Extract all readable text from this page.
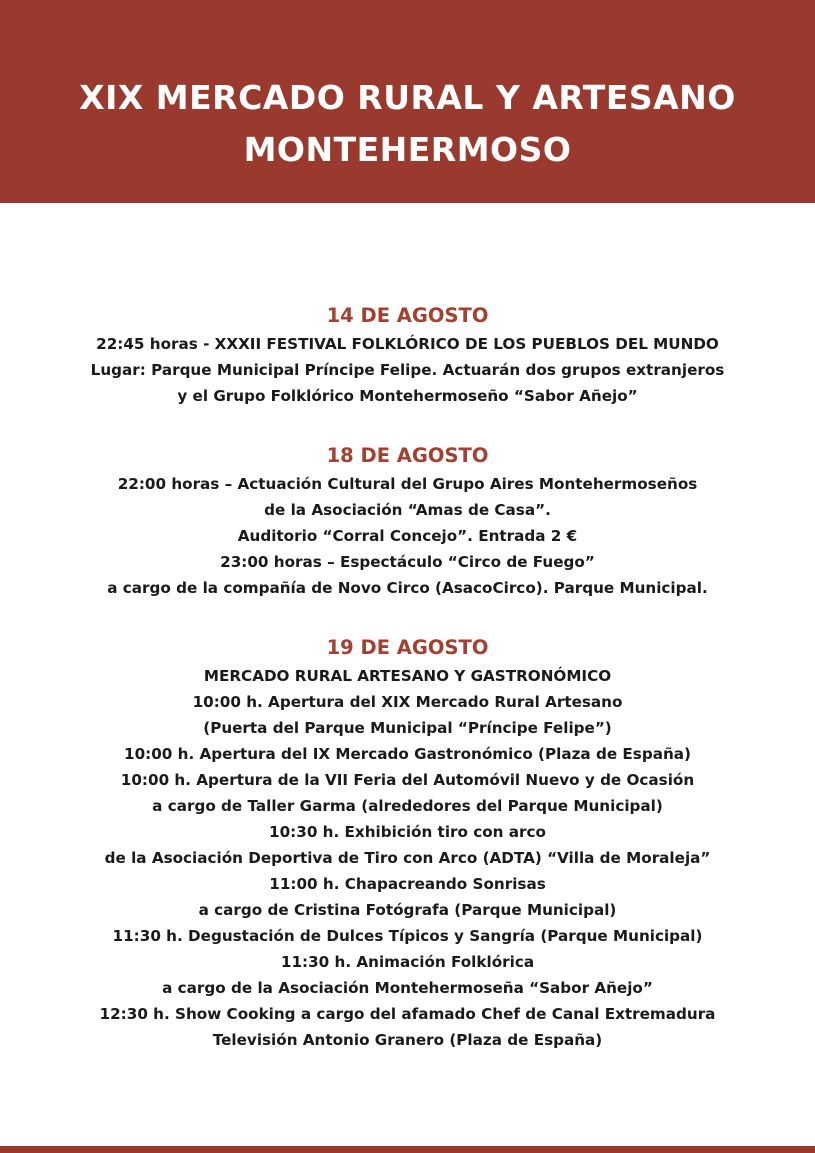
XIX MERCADO RURAL Y ARTESANO
MONTEHERMOSO
14 DE AGOSTO
22:45 horas - XXXII FESTIVAL FOLKLÓRICO DE LOS PUEBLOS DEL MUNDO
Lugar: Parque Municipal Príncipe Felipe. Actuarán dos grupos extranjeros
y el Grupo Folklórico Montehermoseño “Sabor Añejo”
18 DE AGOSTO
22:00 horas – Actuación Cultural del Grupo Aires Montehermoseños
de la Asociación “Amas de Casa”.
Auditorio “Corral Concejo”. Entrada 2 €
23:00 horas – Espectáculo “Circo de Fuego”
a cargo de la compañía de Novo Circo (AsacoCirco). Parque Municipal.
19 DE AGOSTO
MERCADO RURAL ARTESANO Y GASTRONÓMICO
10:00 h. Apertura del XIX Mercado Rural Artesano
(Puerta del Parque Municipal “Príncipe Felipe”)
10:00 h. Apertura del IX Mercado Gastronómico (Plaza de España)
10:00 h. Apertura de la VII Feria del Automóvil Nuevo y de Ocasión
a cargo de Taller Garma (alrededores del Parque Municipal)
10:30 h. Exhibición tiro con arco
de la Asociación Deportiva de Tiro con Arco (ADTA) “Villa de Moraleja”
11:00 h. Chapacreando Sonrisas
a cargo de Cristina Fotógrafa (Parque Municipal)
11:30 h. Degustación de Dulces Típicos y Sangría (Parque Municipal)
11:30 h. Animación Folklórica
a cargo de la Asociación Montehermoseña “Sabor Añejo”
12:30 h. Show Cooking a cargo del afamado Chef de Canal Extremadura
Televisión Antonio Granero (Plaza de España)
